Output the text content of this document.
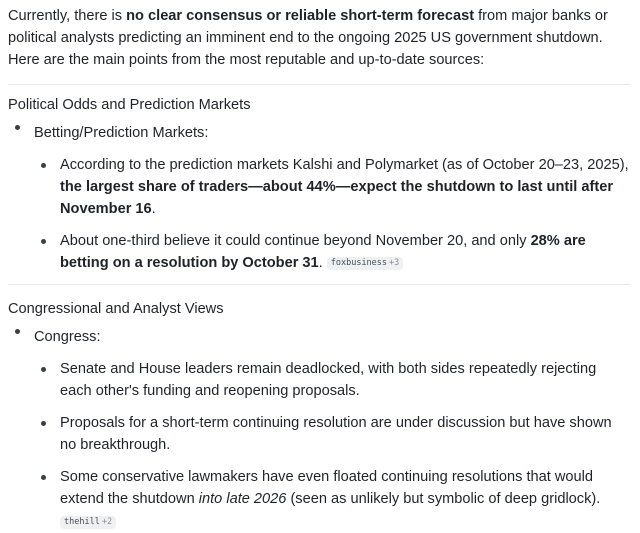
Currently, there is no clear consensus or reliable short-term forecast from major banks or political analysts predicting an imminent end to the ongoing 2025 US government shutdown. Here are the main points from the most reputable and up-to-date sources:

Political Odds and Prediction Markets
Betting/Prediction Markets:
According to the prediction markets Kalshi and Polymarket (as of October 20–23, 2025), the largest share of traders—about 44%—expect the shutdown to last until after November 16.
About one-third believe it could continue beyond November 20, and only 28% are betting on a resolution by October 31. foxbusiness +3
Congressional and Analyst Views
Congress:
Senate and House leaders remain deadlocked, with both sides repeatedly rejecting each other's funding and reopening proposals.
Proposals for a short-term continuing resolution are under discussion but have shown no breakthrough.
Some conservative lawmakers have even floated continuing resolutions that would extend the shutdown into late 2026 (seen as unlikely but symbolic of deep gridlock).
thehill +2
